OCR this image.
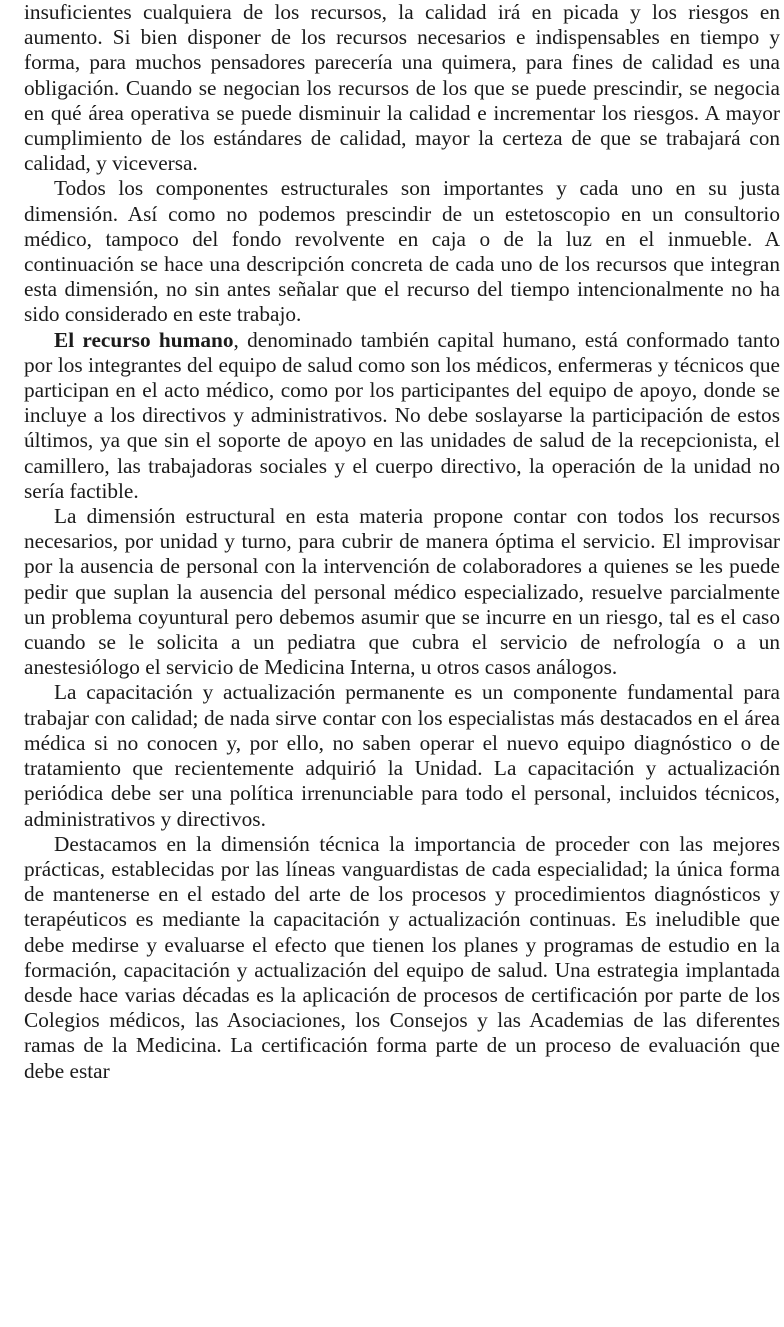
insuficientes cualquiera de los recursos, la calidad irá en picada y los riesgos en aumento. Si bien disponer de los recursos necesarios e indispensables en tiempo y forma, para muchos pensadores parecería una quimera, para fines de calidad es una obligación. Cuando se negocian los recursos de los que se puede prescindir, se negocia en qué área operativa se puede disminuir la calidad e incrementar los riesgos. A mayor cumplimiento de los estándares de calidad, mayor la certeza de que se trabajará con calidad, y viceversa.

Todos los componentes estructurales son importantes y cada uno en su justa dimensión. Así como no podemos prescindir de un estetoscopio en un consultorio médico, tampoco del fondo revolvente en caja o de la luz en el inmueble. A continuación se hace una descripción concreta de cada uno de los recursos que integran esta dimensión, no sin antes señalar que el recurso del tiempo intencionalmente no ha sido considerado en este trabajo.

El recurso humano, denominado también capital humano, está conformado tanto por los integrantes del equipo de salud como son los médicos, enfermeras y técnicos que participan en el acto médico, como por los participantes del equipo de apoyo, donde se incluye a los directivos y administrativos. No debe soslayarse la participación de estos últimos, ya que sin el soporte de apoyo en las unidades de salud de la recepcionista, el camillero, las trabajadoras sociales y el cuerpo directivo, la operación de la unidad no sería factible.

La dimensión estructural en esta materia propone contar con todos los recursos necesarios, por unidad y turno, para cubrir de manera óptima el servicio. El improvisar por la ausencia de personal con la intervención de colaboradores a quienes se les puede pedir que suplan la ausencia del personal médico especializado, resuelve parcialmente un problema coyuntural pero debemos asumir que se incurre en un riesgo, tal es el caso cuando se le solicita a un pediatra que cubra el servicio de nefrología o a un anestesiólogo el servicio de Medicina Interna, u otros casos análogos.

La capacitación y actualización permanente es un componente fundamental para trabajar con calidad; de nada sirve contar con los especialistas más destacados en el área médica si no conocen y, por ello, no saben operar el nuevo equipo diagnóstico o de tratamiento que recientemente adquirió la Unidad. La capacitación y actualización periódica debe ser una política irrenunciable para todo el personal, incluidos técnicos, administrativos y directivos.

Destacamos en la dimensión técnica la importancia de proceder con las mejores prácticas, establecidas por las líneas vanguardistas de cada especialidad; la única forma de mantenerse en el estado del arte de los procesos y procedimientos diagnósticos y terapéuticos es mediante la capacitación y actualización continuas. Es ineludible que debe medirse y evaluarse el efecto que tienen los planes y programas de estudio en la formación, capacitación y actualización del equipo de salud. Una estrategia implantada desde hace varias décadas es la aplicación de procesos de certificación por parte de los Colegios médicos, las Asociaciones, los Consejos y las Academias de las diferentes ramas de la Medicina. La certificación forma parte de un proceso de evaluación que debe estar
